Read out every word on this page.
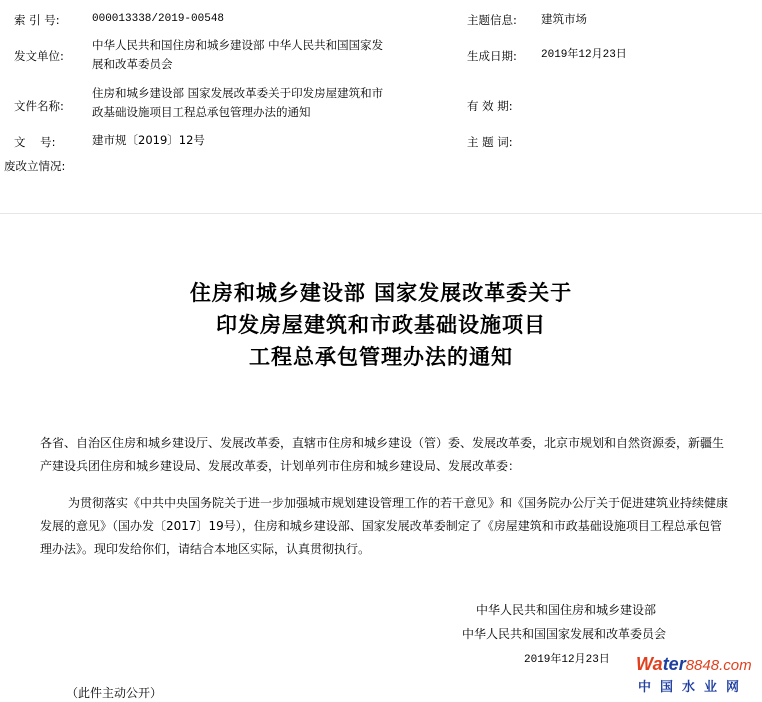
索 引 号:	000013338/2019-00548	主题信息: 建筑市场
发文单位:
中华人民共和国住房和城乡建设部 中华人民共和国国家发展和改革委员会
生成日期: 2019年12月23日
文件名称:
住房和城乡建设部 国家发展改革委关于印发房屋建筑和市政基础设施项目工程总承包管理办法的通知	有 效 期:
文    号:	建市规〔2019〕12号	主 题 词:
废改立情况:
住房和城乡建设部 国家发展改革委关于
印发房屋建筑和市政基础设施项目
工程总承包管理办法的通知
各省、自治区住房和城乡建设厅、发展改革委，直辖市住房和城乡建设（管）委、发展改革委，北京市规划和自然资源委，新疆生产建设兵团住房和城乡建设局、发展改革委，计划单列市住房和城乡建设局、发展改革委：
为贯彻落实《中共中央国务院关于进一步加强城市规划建设管理工作的若干意见》和《国务院办公厅关于促进建筑业持续健康发展的意见》（国办发〔2017〕19号），住房和城乡建设部、国家发展改革委制定了《房屋建筑和市政基础设施项目工程总承包管理办法》。现印发给你们，请结合本地区实际，认真贯彻执行。
中华人民共和国住房和城乡建设部
中华人民共和国国家发展和改革委员会
2019年12月23日
（此件主动公开）
Water8848.com
中国水业网
